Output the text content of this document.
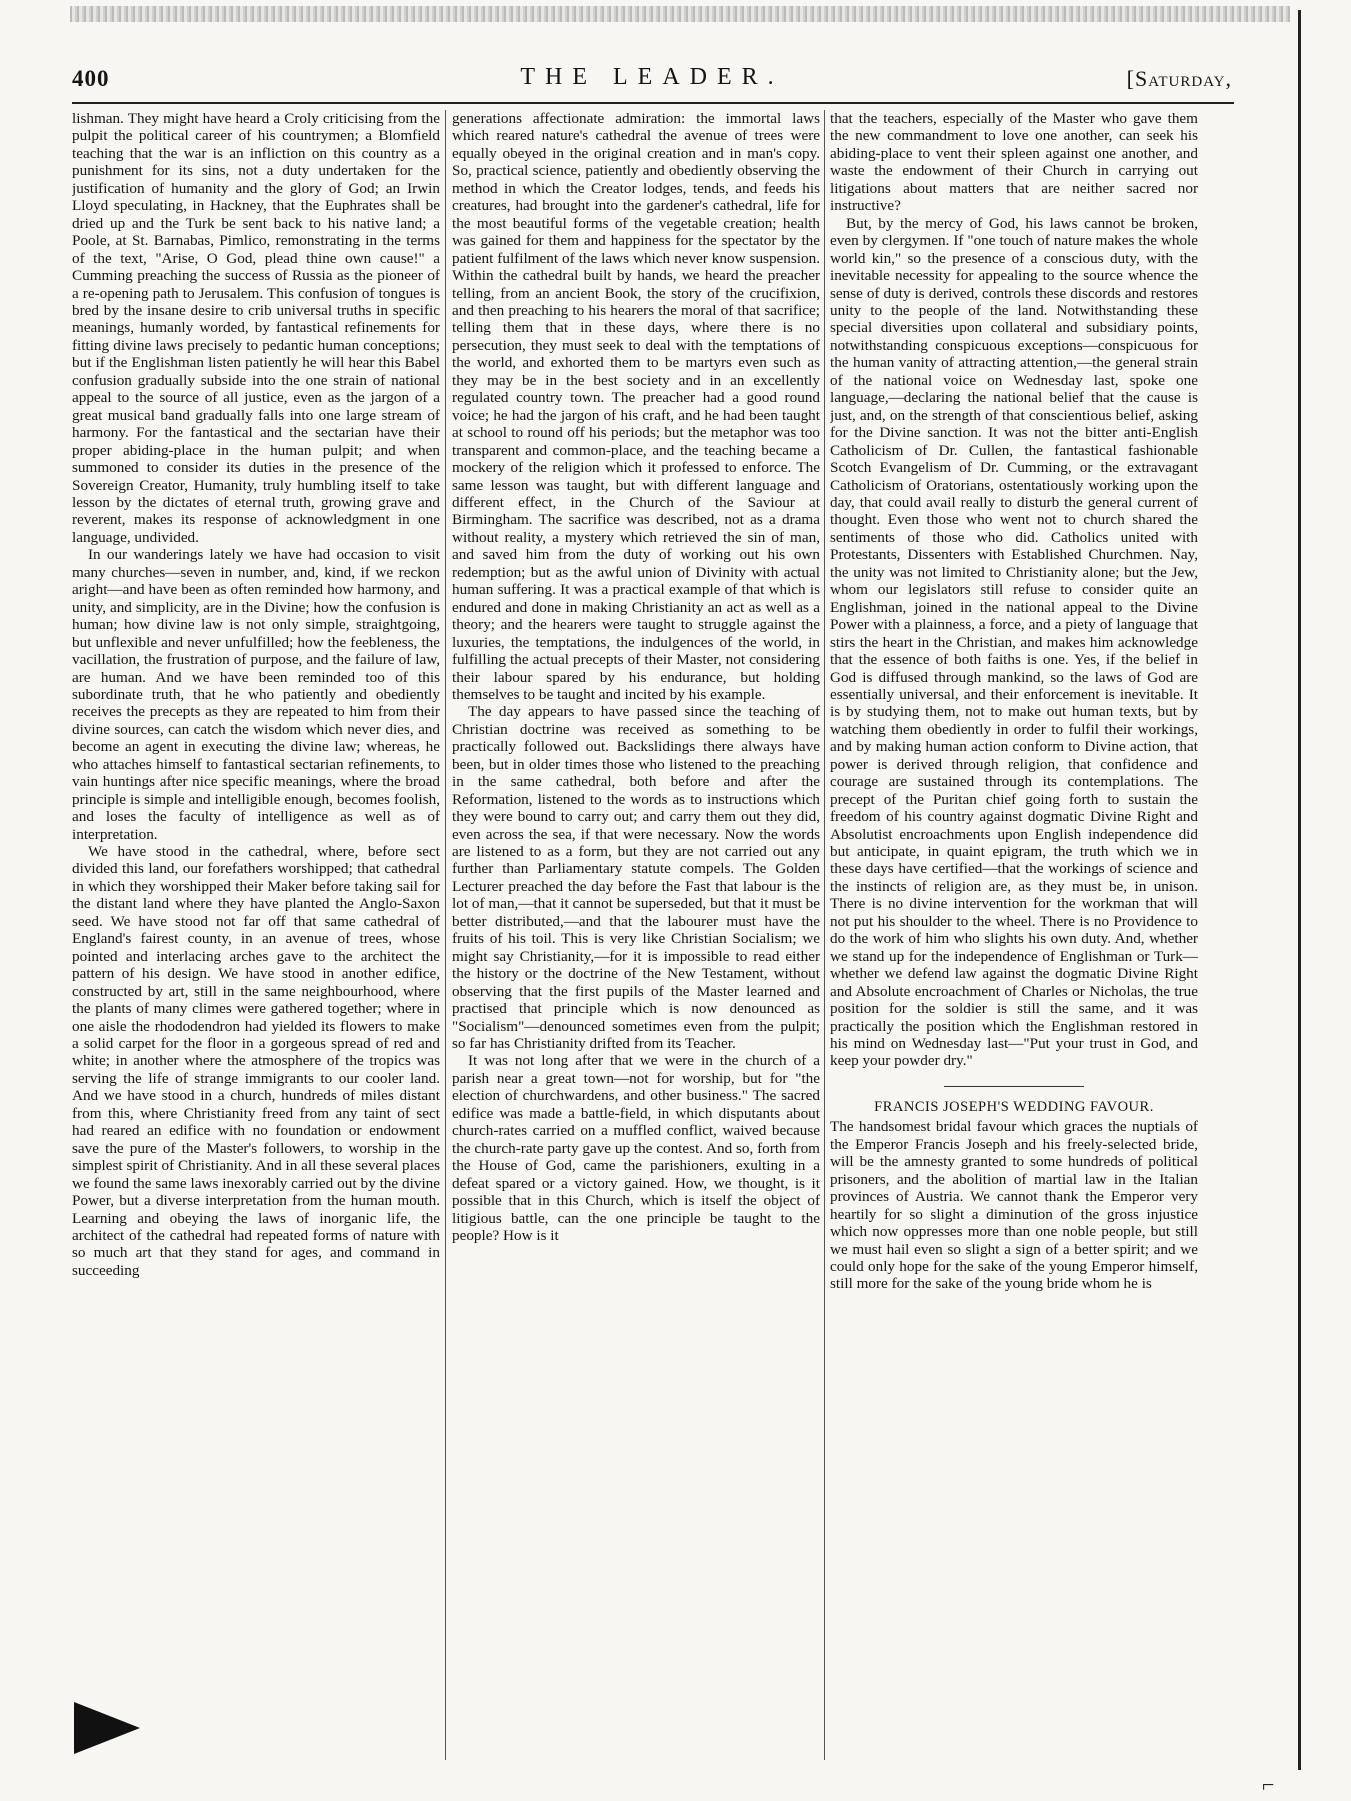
400	THE LEADER.	[Saturday,

lishman. They might have heard a Croly criticising from the pulpit the political career of his countrymen; a Blomfield teaching that the war is an infliction on this country as a punishment for its sins, not a duty undertaken for the justification of humanity and the glory of God; an Irwin Lloyd speculating, in Hackney, that the Euphrates shall be dried up and the Turk be sent back to his native land; a Poole, at St. Barnabas, Pimlico, remonstrating in the terms of the text, "Arise, O God, plead thine own cause!" a Cumming preaching the success of Russia as the pioneer of a re-opening path to Jerusalem. This confusion of tongues is bred by the insane desire to crib universal truths in specific meanings, humanly worded, by fantastical refinements for fitting divine laws precisely to pedantic human conceptions; but if the Englishman listen patiently he will hear this Babel confusion gradually subside into the one strain of national appeal to the source of all justice, even as the jargon of a great musical band gradually falls into one large stream of harmony. For the fantastical and the sectarian have their proper abiding-place in the human pulpit; and when summoned to consider its duties in the presence of the Sovereign Creator, Humanity, truly humbling itself to take lesson by the dictates of eternal truth, growing grave and reverent, makes its response of acknowledgment in one language, undivided.

In our wanderings lately we have had occasion to visit many churches—seven in number, and, kind, if we reckon aright—and have been as often reminded how harmony, and unity, and simplicity, are in the Divine; how the confusion is human; how divine law is not only simple, straightgoing, but unflexible and never unfulfilled; how the feebleness, the vacillation, the frustration of purpose, and the failure of law, are human. And we have been reminded too of this subordinate truth, that he who patiently and obediently receives the precepts as they are repeated to him from their divine sources, can catch the wisdom which never dies, and become an agent in executing the divine law; whereas, he who attaches himself to fantastical sectarian refinements, to vain huntings after nice specific meanings, where the broad principle is simple and intelligible enough, becomes foolish, and loses the faculty of intelligence as well as of interpretation.

We have stood in the cathedral, where, before sect divided this land, our forefathers worshipped; that cathedral in which they worshipped their Maker before taking sail for the distant land where they have planted the Anglo-Saxon seed. We have stood not far off that same cathedral of England's fairest county, in an avenue of trees, whose pointed and interlacing arches gave to the architect the pattern of his design. We have stood in another edifice, constructed by art, still in the same neighbourhood, where the plants of many climes were gathered together; where in one aisle the rhododendron had yielded its flowers to make a solid carpet for the floor in a gorgeous spread of red and white; in another where the atmosphere of the tropics was serving the life of strange immigrants to our cooler land. And we have stood in a church, hundreds of miles distant from this, where Christianity freed from any taint of sect had reared an edifice with no foundation or endowment save the pure of the Master's followers, to worship in the simplest spirit of Christianity. And in all these several places we found the same laws inexorably carried out by the divine Power, but a diverse interpretation from the human mouth. Learning and obeying the laws of inorganic life, the architect of the cathedral had repeated forms of nature with so much art that they stand for ages, and command in succeeding

generations affectionate admiration: the immortal laws which reared nature's cathedral the avenue of trees were equally obeyed in the original creation and in man's copy. So, practical science, patiently and obediently observing the method in which the Creator lodges, tends, and feeds his creatures, had brought into the gardener's cathedral, life for the most beautiful forms of the vegetable creation; health was gained for them and happiness for the spectator by the patient fulfilment of the laws which never know suspension. Within the cathedral built by hands, we heard the preacher telling, from an ancient Book, the story of the crucifixion, and then preaching to his hearers the moral of that sacrifice; telling them that in these days, where there is no persecution, they must seek to deal with the temptations of the world, and exhorted them to be martyrs even such as they may be in the best society and in an excellently regulated country town. The preacher had a good round voice; he had the jargon of his craft, and he had been taught at school to round off his periods; but the metaphor was too transparent and common-place, and the teaching became a mockery of the religion which it professed to enforce. The same lesson was taught, but with different language and different effect, in the Church of the Saviour at Birmingham. The sacrifice was described, not as a drama without reality, a mystery which retrieved the sin of man, and saved him from the duty of working out his own redemption; but as the awful union of Divinity with actual human suffering. It was a practical example of that which is endured and done in making Christianity an act as well as a theory; and the hearers were taught to struggle against the luxuries, the temptations, the indulgences of the world, in fulfilling the actual precepts of their Master, not considering their labour spared by his endurance, but holding themselves to be taught and incited by his example.

The day appears to have passed since the teaching of Christian doctrine was received as something to be practically followed out. Backslidings there always have been, but in older times those who listened to the preaching in the same cathedral, both before and after the Reformation, listened to the words as to instructions which they were bound to carry out; and carry them out they did, even across the sea, if that were necessary. Now the words are listened to as a form, but they are not carried out any further than Parliamentary statute compels. The Golden Lecturer preached the day before the Fast that labour is the lot of man,—that it cannot be superseded, but that it must be better distributed,—and that the labourer must have the fruits of his toil. This is very like Christian Socialism; we might say Christianity,—for it is impossible to read either the history or the doctrine of the New Testament, without observing that the first pupils of the Master learned and practised that principle which is now denounced as "Socialism"—denounced sometimes even from the pulpit; so far has Christianity drifted from its Teacher.

It was not long after that we were in the church of a parish near a great town—not for worship, but for "the election of churchwardens, and other business." The sacred edifice was made a battle-field, in which disputants about church-rates carried on a muffled conflict, waived because the church-rate party gave up the contest. And so, forth from the House of God, came the parishioners, exulting in a defeat spared or a victory gained. How, we thought, is it possible that in this Church, which is itself the object of litigious battle, can the one principle be taught to the people? How is it

that the teachers, especially of the Master who gave them the new commandment to love one another, can seek his abiding-place to vent their spleen against one another, and waste the endowment of their Church in carrying out litigations about matters that are neither sacred nor instructive?

But, by the mercy of God, his laws cannot be broken, even by clergymen. If "one touch of nature makes the whole world kin," so the presence of a conscious duty, with the inevitable necessity for appealing to the source whence the sense of duty is derived, controls these discords and restores unity to the people of the land. Notwithstanding these special diversities upon collateral and subsidiary points, notwithstanding conspicuous exceptions—conspicuous for the human vanity of attracting attention,—the general strain of the national voice on Wednesday last, spoke one language,—declaring the national belief that the cause is just, and, on the strength of that conscientious belief, asking for the Divine sanction. It was not the bitter anti-English Catholicism of Dr. Cullen, the fantastical fashionable Scotch Evangelism of Dr. Cumming, or the extravagant Catholicism of Oratorians, ostentatiously working upon the day, that could avail really to disturb the general current of thought. Even those who went not to church shared the sentiments of those who did. Catholics united with Protestants, Dissenters with Established Churchmen. Nay, the unity was not limited to Christianity alone; but the Jew, whom our legislators still refuse to consider quite an Englishman, joined in the national appeal to the Divine Power with a plainness, a force, and a piety of language that stirs the heart in the Christian, and makes him acknowledge that the essence of both faiths is one. Yes, if the belief in God is diffused through mankind, so the laws of God are essentially universal, and their enforcement is inevitable. It is by studying them, not to make out human texts, but by watching them obediently in order to fulfil their workings, and by making human action conform to Divine action, that power is derived through religion, that confidence and courage are sustained through its contemplations. The precept of the Puritan chief going forth to sustain the freedom of his country against dogmatic Divine Right and Absolutist encroachments upon English independence did but anticipate, in quaint epigram, the truth which we in these days have certified—that the workings of science and the instincts of religion are, as they must be, in unison. There is no divine intervention for the workman that will not put his shoulder to the wheel. There is no Providence to do the work of him who slights his own duty. And, whether we stand up for the independence of Englishman or Turk—whether we defend law against the dogmatic Divine Right and Absolute encroachment of Charles or Nicholas, the true position for the soldier is still the same, and it was practically the position which the Englishman restored in his mind on Wednesday last—"Put your trust in God, and keep your powder dry."

FRANCIS JOSEPH'S WEDDING FAVOUR.

The handsomest bridal favour which graces the nuptials of the Emperor Francis Joseph and his freely-selected bride, will be the amnesty granted to some hundreds of political prisoners, and the abolition of martial law in the Italian provinces of Austria. We cannot thank the Emperor very heartily for so slight a diminution of the gross injustice which now oppresses more than one noble people, but still we must hail even so slight a sign of a better spirit; and we could only hope for the sake of the young Emperor himself, still more for the sake of the young bride whom he is

⌐
